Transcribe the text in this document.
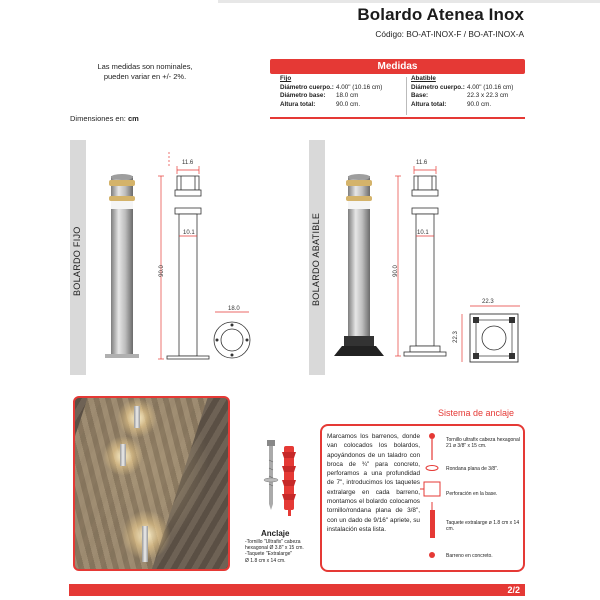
Bolardo Atenea Inox
Código: BO-AT-INOX-F / BO-AT-INOX-A
Las medidas son nominales,
pueden variar en +/- 2%.
Dimensiones en: cm
Medidas
Fijo
Diámetro cuerpo.: 4.00" (10.16 cm)
Diámetro base:	18.0 cm
Altura total:	90.0 cm.
Abatible
Diámetro cuerpo.: 4.00" (10.16 cm)
Base:	22.3 x 22.3 cm
Altura total:	90.0 cm.
BOLARDO FIJO
11.6
10.1
90.0
18.0
BOLARDO ABATIBLE
11.6
10.1
90.0
22.3
22.3
Anclaje
-Tornillo "Ultrafix" cabeza
hexagonal Ø 3.8" x 15 cm.
-Taquete "Extralarge"
Ø 1.8 cm x 14 cm.
Sistema de anclaje
Marcamos los barrenos, donde van colocados los bolardos, apoyándonos de un taladro con broca de ¾" para concreto, perforamos a una profundidad de 7", introducimos los taquetes extralarge en cada barreno, montamos el bolardo colocamos tornillo/rondana plana de 3/8", con un dado de 9/16" apriete, su instalación esta lista.
Tornillo ultrafix cabeza hexagonal 21 ø 3/8" x 15 cm.
Rondana plana de 3/8".
Perforación en la base.
Taquete extralarge ø 1.8 cm x 14 cm.
Barreno en concreto.
2/2
